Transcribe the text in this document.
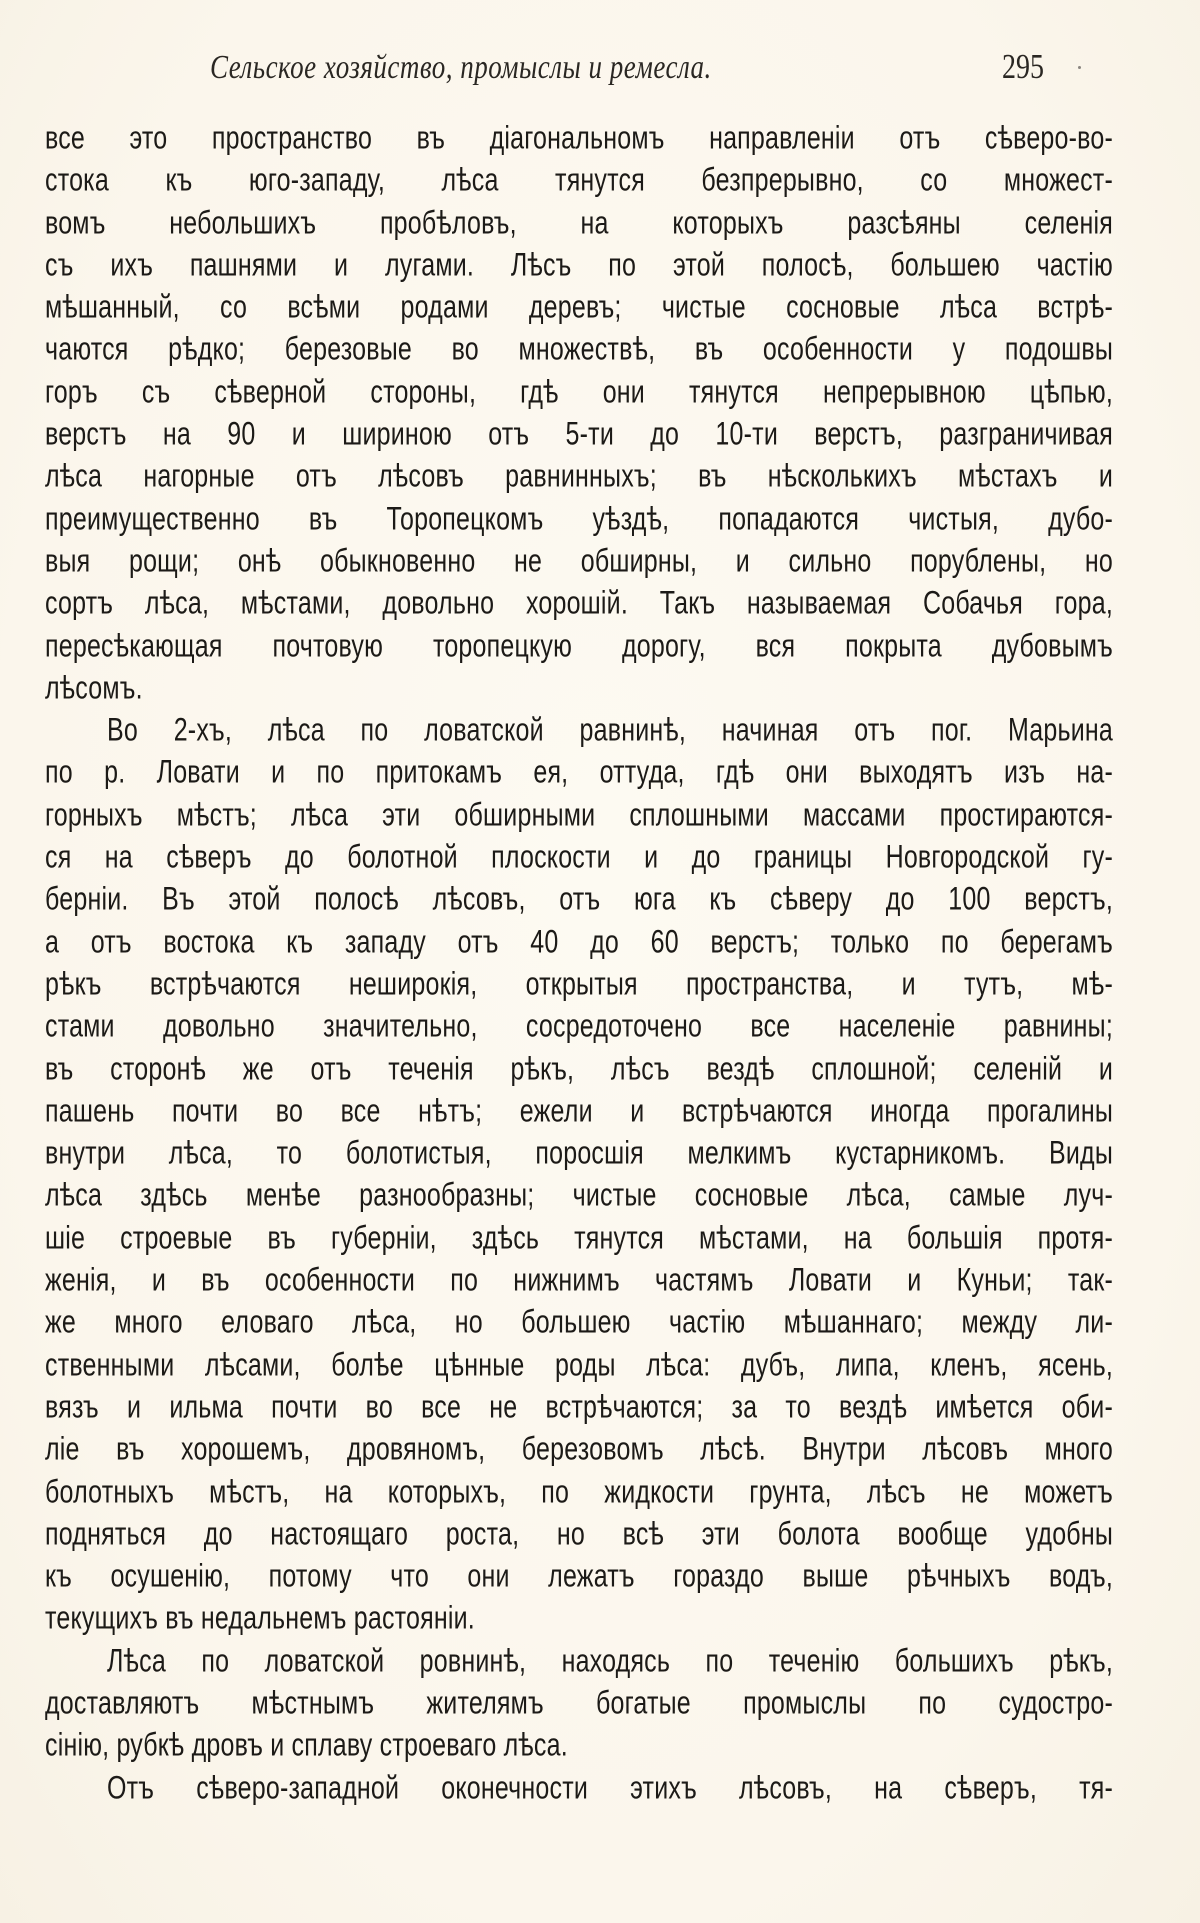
Сельское хозяйство, промыслы и ремесла.	295
все это пространство въ діагональномъ направленіи отъ сѣверо-во-
стока къ юго-западу, лѣса тянутся безпрерывно, со множест-
вомъ небольшихъ пробѣловъ, на которыхъ разсѣяны селенія
съ ихъ пашнями и лугами. Лѣсъ по этой полосѣ, большею частію
мѣшанный, со всѣми родами деревъ; чистые сосновые лѣса встрѣ-
чаются рѣдко; березовые во множествѣ, въ особенности у подошвы
горъ съ сѣверной стороны, гдѣ они тянутся непрерывною цѣпью,
верстъ на 90 и шириною отъ 5-ти до 10-ти верстъ, разграничивая
лѣса нагорные отъ лѣсовъ равнинныхъ; въ нѣсколькихъ мѣстахъ и
преимущественно въ Торопецкомъ уѣздѣ, попадаются чистыя, дубо-
выя рощи; онѣ обыкновенно не обширны, и сильно порублены, но
сортъ лѣса, мѣстами, довольно хорошій. Такъ называемая Собачья гора,
пересѣкающая почтовую торопецкую дорогу, вся покрыта дубовымъ
лѣсомъ.
Во 2-хъ, лѣса по ловатской равнинѣ, начиная отъ пог. Марьина
по р. Ловати и по притокамъ ея, оттуда, гдѣ они выходятъ изъ на-
горныхъ мѣстъ; лѣса эти обширными сплошными массами простираются-
ся на сѣверъ до болотной плоскости и до границы Новгородской гу-
берніи. Въ этой полосѣ лѣсовъ, отъ юга къ сѣверу до 100 верстъ,
а отъ востока къ западу отъ 40 до 60 верстъ; только по берегамъ
рѣкъ встрѣчаются неширокія, открытыя пространства, и тутъ, мѣ-
стами довольно значительно, сосредоточено все населеніе равнины;
въ сторонѣ же отъ теченія рѣкъ, лѣсъ вездѣ сплошной; селеній и
пашень почти во все нѣтъ; ежели и встрѣчаются иногда прогалины
внутри лѣса, то болотистыя, поросшія мелкимъ кустарникомъ. Виды
лѣса здѣсь менѣе разнообразны; чистые сосновые лѣса, самые луч-
шіе строевые въ губерніи, здѣсь тянутся мѣстами, на большія протя-
женія, и въ особенности по нижнимъ частямъ Ловати и Куньи; так-
же много еловаго лѣса, но большею частію мѣшаннаго; между ли-
ственными лѣсами, болѣе цѣнные роды лѣса: дубъ, липа, кленъ, ясень,
вязъ и ильма почти во все не встрѣчаются; за то вездѣ имѣется оби-
ліе въ хорошемъ, дровяномъ, березовомъ лѣсѣ. Внутри лѣсовъ много
болотныхъ мѣстъ, на которыхъ, по жидкости грунта, лѣсъ не можетъ
подняться до настоящаго роста, но всѣ эти болота вообще удобны
къ осушенію, потому что они лежатъ гораздо выше рѣчныхъ водъ,
текущихъ въ недальнемъ растояніи.
Лѣса по ловатской ровнинѣ, находясь по теченію большихъ рѣкъ,
доставляютъ мѣстнымъ жителямъ богатые промыслы по судостро-
сінію, рубкѣ дровъ и сплаву строеваго лѣса.
Отъ сѣверо-западной оконечности этихъ лѣсовъ, на сѣверъ, тя-
